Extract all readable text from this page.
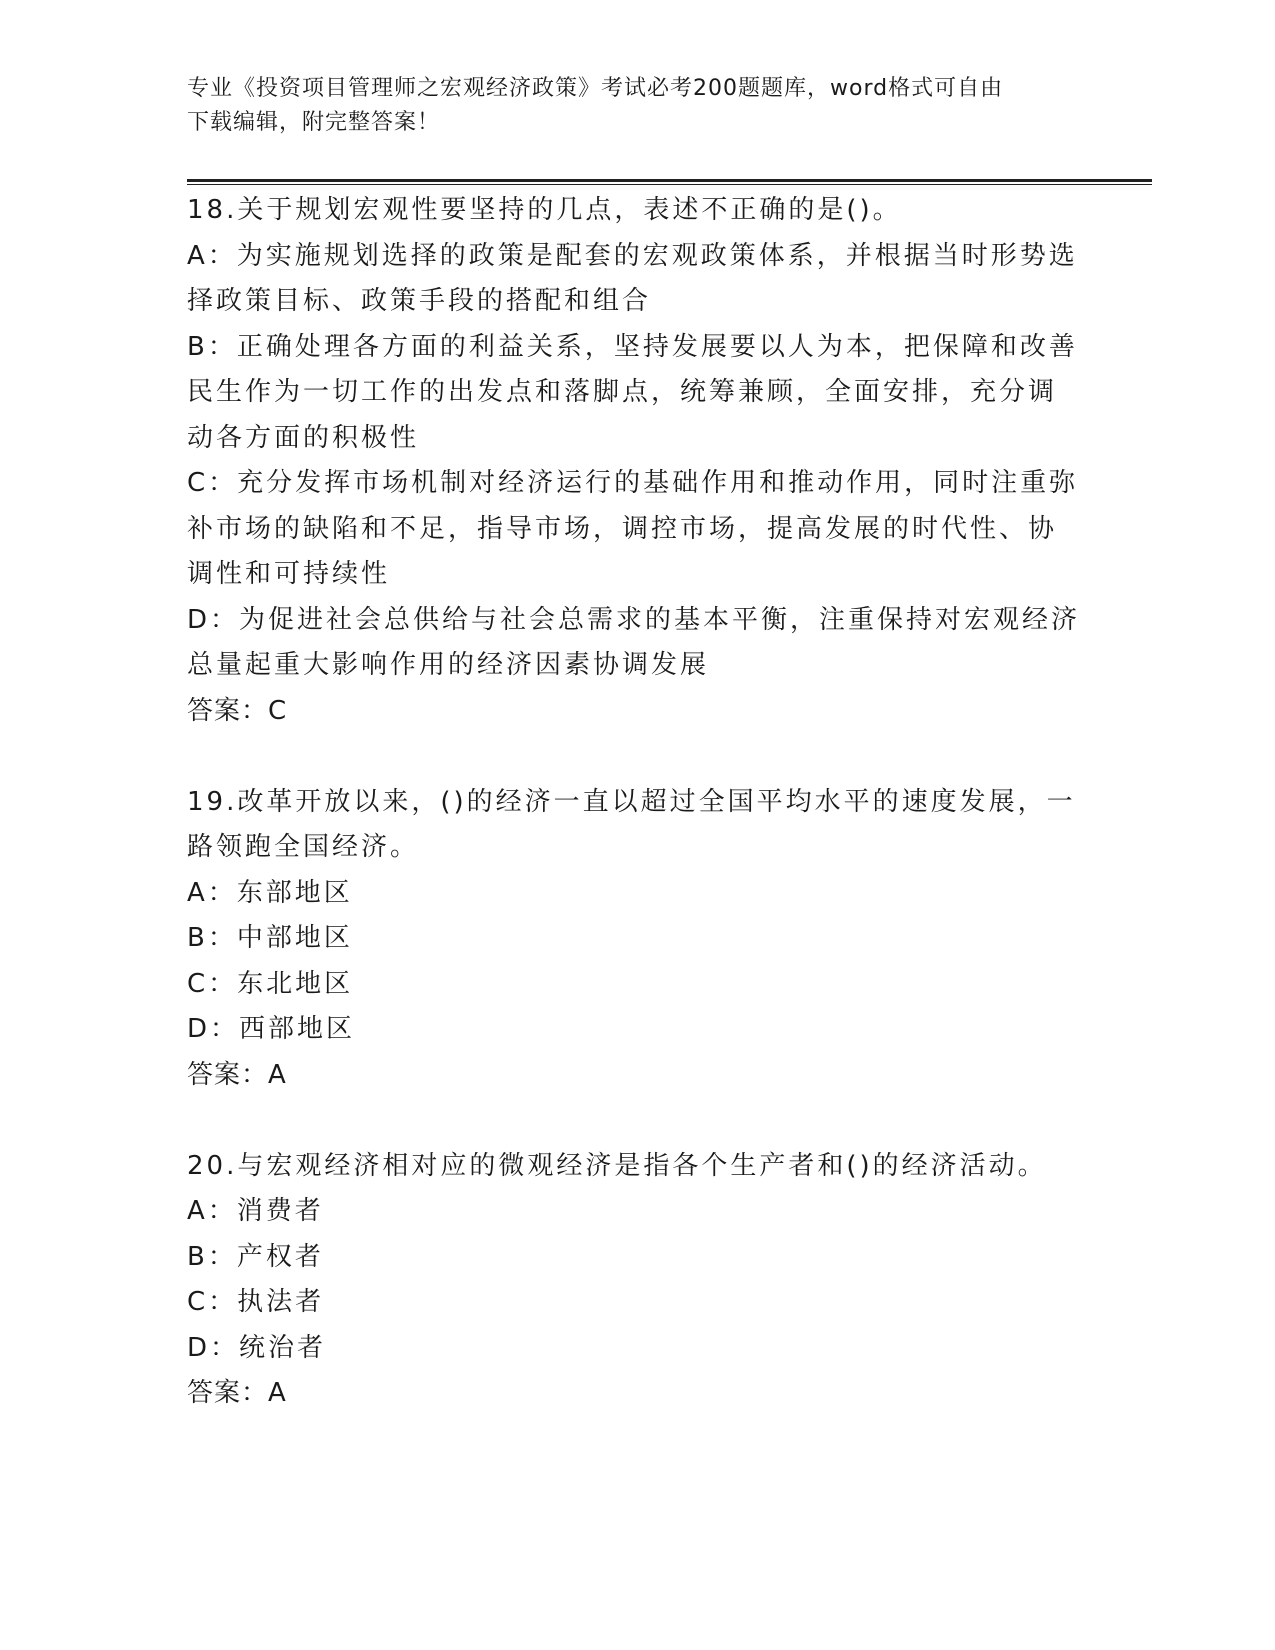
专业《投资项目管理师之宏观经济政策》考试必考200题题库，word格式可自由
下载编辑，附完整答案！
18.关于规划宏观性要坚持的几点，表述不正确的是()。
A：为实施规划选择的政策是配套的宏观政策体系，并根据当时形势选
择政策目标、政策手段的搭配和组合
B：正确处理各方面的利益关系，坚持发展要以人为本，把保障和改善
民生作为一切工作的出发点和落脚点，统筹兼顾，全面安排，充分调
动各方面的积极性
C：充分发挥市场机制对经济运行的基础作用和推动作用，同时注重弥
补市场的缺陷和不足，指导市场，调控市场，提高发展的时代性、协
调性和可持续性
D：为促进社会总供给与社会总需求的基本平衡，注重保持对宏观经济
总量起重大影响作用的经济因素协调发展
答案：C
19.改革开放以来，()的经济一直以超过全国平均水平的速度发展，一
路领跑全国经济。
A：东部地区
B：中部地区
C：东北地区
D：西部地区
答案：A
20.与宏观经济相对应的微观经济是指各个生产者和()的经济活动。
A：消费者
B：产权者
C：执法者
D：统治者
答案：A
